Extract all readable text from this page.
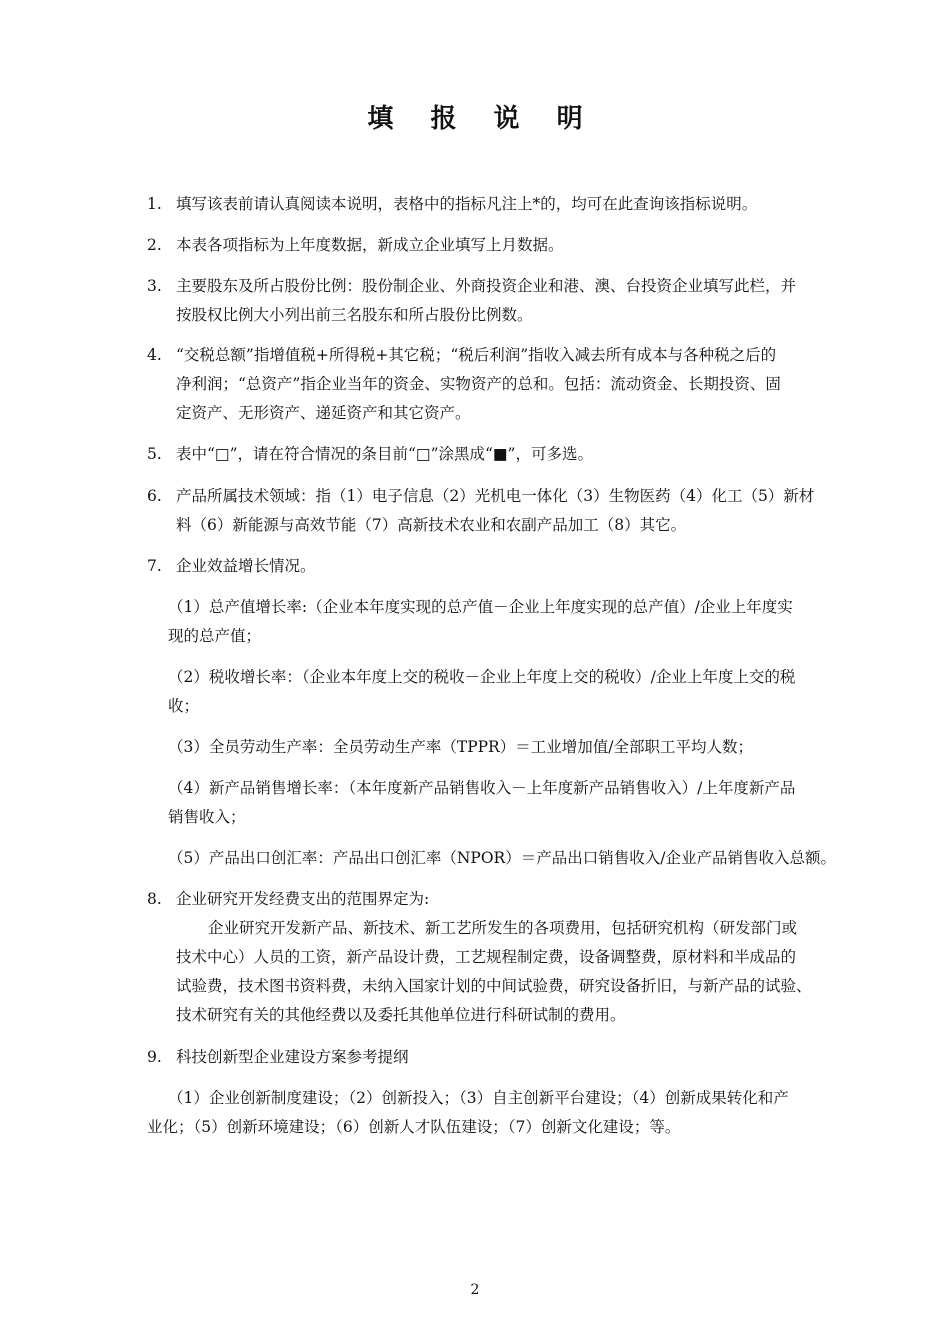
填 报 说 明
1. 填写该表前请认真阅读本说明，表格中的指标凡注上*的，均可在此查询该指标说明。
2. 本表各项指标为上年度数据，新成立企业填写上月数据。
3. 主要股东及所占股份比例：股份制企业、外商投资企业和港、澳、台投资企业填写此栏，并
按股权比例大小列出前三名股东和所占股份比例数。
4. “交税总额”指增值税+所得税+其它税；“税后利润”指收入减去所有成本与各种税之后的
净利润；“总资产”指企业当年的资金、实物资产的总和。包括：流动资金、长期投资、固
定资产、无形资产、递延资产和其它资产。
5. 表中“□”，请在符合情况的条目前“□”涂黑成“■”，可多选。
6. 产品所属技术领域：指（1）电子信息（2）光机电一体化（3）生物医药（4）化工（5）新材
料（6）新能源与高效节能（7）高新技术农业和农副产品加工（8）其它。
7. 企业效益增长情况。
（1）总产值增长率:（企业本年度实现的总产值－企业上年度实现的总产值）/企业上年度实
现的总产值；
（2）税收增长率：（企业本年度上交的税收－企业上年度上交的税收）/企业上年度上交的税
收；
（3）全员劳动生产率：全员劳动生产率（TPPR）＝工业增加值/全部职工平均人数；
（4）新产品销售增长率：（本年度新产品销售收入－上年度新产品销售收入）/上年度新产品
销售收入；
（5）产品出口创汇率：产品出口创汇率（NPOR）＝产品出口销售收入/企业产品销售收入总额。
8. 企业研究开发经费支出的范围界定为:
企业研究开发新产品、新技术、新工艺所发生的各项费用，包括研究机构（研发部门或
技术中心）人员的工资，新产品设计费，工艺规程制定费，设备调整费，原材料和半成品的
试验费，技术图书资料费，未纳入国家计划的中间试验费，研究设备折旧，与新产品的试验、
技术研究有关的其他经费以及委托其他单位进行科研试制的费用。
9. 科技创新型企业建设方案参考提纲
（1）企业创新制度建设；（2）创新投入；（3）自主创新平台建设；（4）创新成果转化和产
业化；（5）创新环境建设；（6）创新人才队伍建设；（7）创新文化建设；等。
2
